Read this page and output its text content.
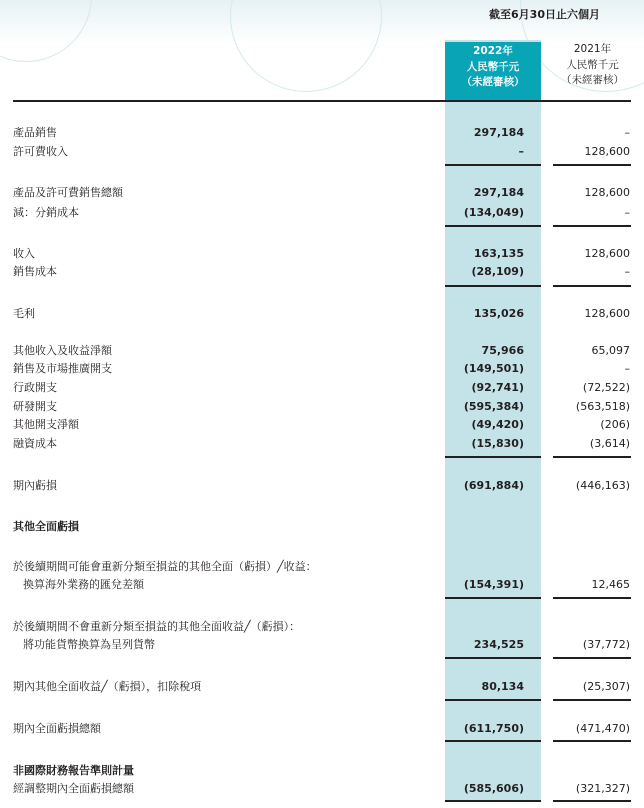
截至6月30日止六個月
2022年
人民幣千元
（未經審核）
2021年
人民幣千元
（未經審核）
產品銷售	297,184	–
許可費收入	–	128,600
產品及許可費銷售總額	297,184	128,600
減：分銷成本	(134,049)	–
收入	163,135	128,600
銷售成本	(28,109)	–
毛利	135,026	128,600
其他收入及收益淨額	75,966	65,097
銷售及市場推廣開支	(149,501)	–
行政開支	(92,741)	(72,522)
研發開支	(595,384)	(563,518)
其他開支淨額	(49,420)	(206)
融資成本	(15,830)	(3,614)
期內虧損	(691,884)	(446,163)
其他全面虧損
於後續期間可能會重新分類至損益的其他全面（虧損）╱收益：
換算海外業務的匯兌差額	(154,391)	12,465
於後續期間不會重新分類至損益的其他全面收益╱（虧損）：
將功能貨幣換算為呈列貨幣	234,525	(37,772)
期內其他全面收益╱（虧損），扣除稅項	80,134	(25,307)
期內全面虧損總額	(611,750)	(471,470)
非國際財務報告準則計量
經調整期內全面虧損總額	(585,606)	(321,327)
